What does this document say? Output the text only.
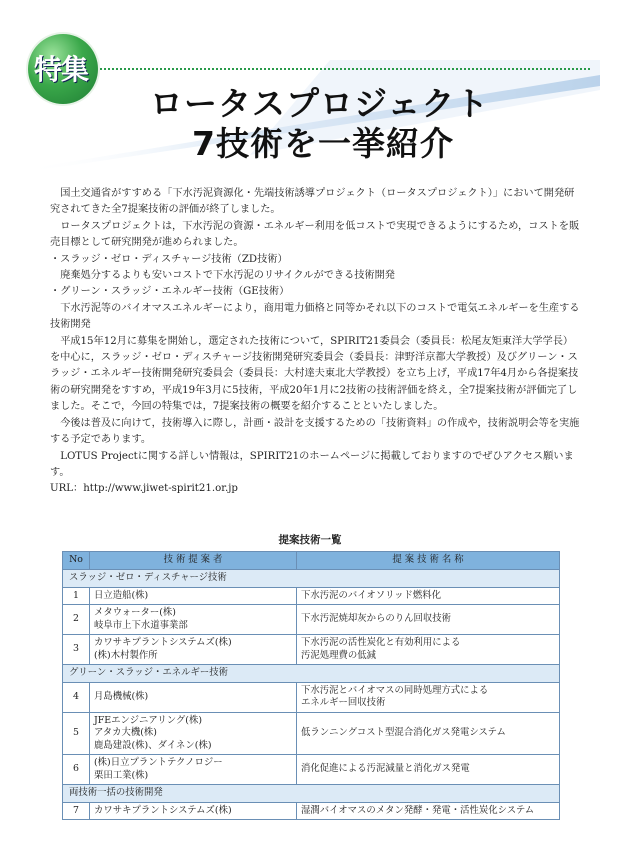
特集
ロータスプロジェクト
7技術を一挙紹介

国土交通省がすすめる「下水汚泥資源化・先端技術誘導プロジェクト（ロータスプロジェクト）」において開発研究されてきた全7提案技術の評価が終了しました。

ロータスプロジェクトは，下水汚泥の資源・エネルギー利用を低コストで実現できるようにするため，コストを販売目標として研究開発が進められました。

・スラッジ・ゼロ・ディスチャージ技術（ZD技術）

廃棄処分するよりも安いコストで下水汚泥のリサイクルができる技術開発

・グリーン・スラッジ・エネルギー技術（GE技術）

下水汚泥等のバイオマスエネルギーにより，商用電力価格と同等かそれ以下のコストで電気エネルギーを生産する技術開発

平成15年12月に募集を開始し，選定された技術について，SPIRIT21委員会（委員長：松尾友矩東洋大学学長）を中心に，スラッジ・ゼロ・ディスチャージ技術開発研究委員会（委員長：津野洋京都大学教授）及びグリーン・スラッジ・エネルギー技術開発研究委員会（委員長：大村達夫東北大学教授）を立ち上げ，平成17年4月から各提案技術の研究開発をすすめ，平成19年3月に5技術，平成20年1月に2技術の技術評価を終え，全7提案技術が評価完了しました。そこで，今回の特集では，7提案技術の概要を紹介することといたしました。

今後は普及に向けて，技術導入に際し，計画・設計を支援するための「技術資料」の作成や，技術説明会等を実施する予定であります。

LOTUS Projectに関する詳しい情報は，SPIRIT21のホームページに掲載しておりますのでぜひアクセス願います。

URL：http://www.jiwet-spirit21.or.jp

提案技術一覧
No	技 術 提 案 者	提 案 技 術 名 称
スラッジ・ゼロ・ディスチャージ技術		
1	日立造船(株)	下水汚泥のバイオソリッド燃料化
2	メタウォーター(株)
岐阜市上下水道事業部	下水汚泥焼却灰からのりん回収技術
3	カワサキプラントシステムズ(株)
(株)木村製作所	下水汚泥の活性炭化と有効利用による
汚泥処理費の低減
グリーン・スラッジ・エネルギー技術		
4	月島機械(株)	下水汚泥とバイオマスの同時処理方式による
エネルギー回収技術
5	JFEエンジニアリング(株)
アタカ大機(株)
鹿島建設(株)、ダイネン(株)	低ランニングコスト型混合消化ガス発電システム
6	(株)日立プラントテクノロジー
栗田工業(株)	消化促進による汚泥減量と消化ガス発電
両技術一括の技術開発		
7	カワサキプラントシステムズ(株)	湿潤バイオマスのメタン発酵・発電・活性炭化システム
